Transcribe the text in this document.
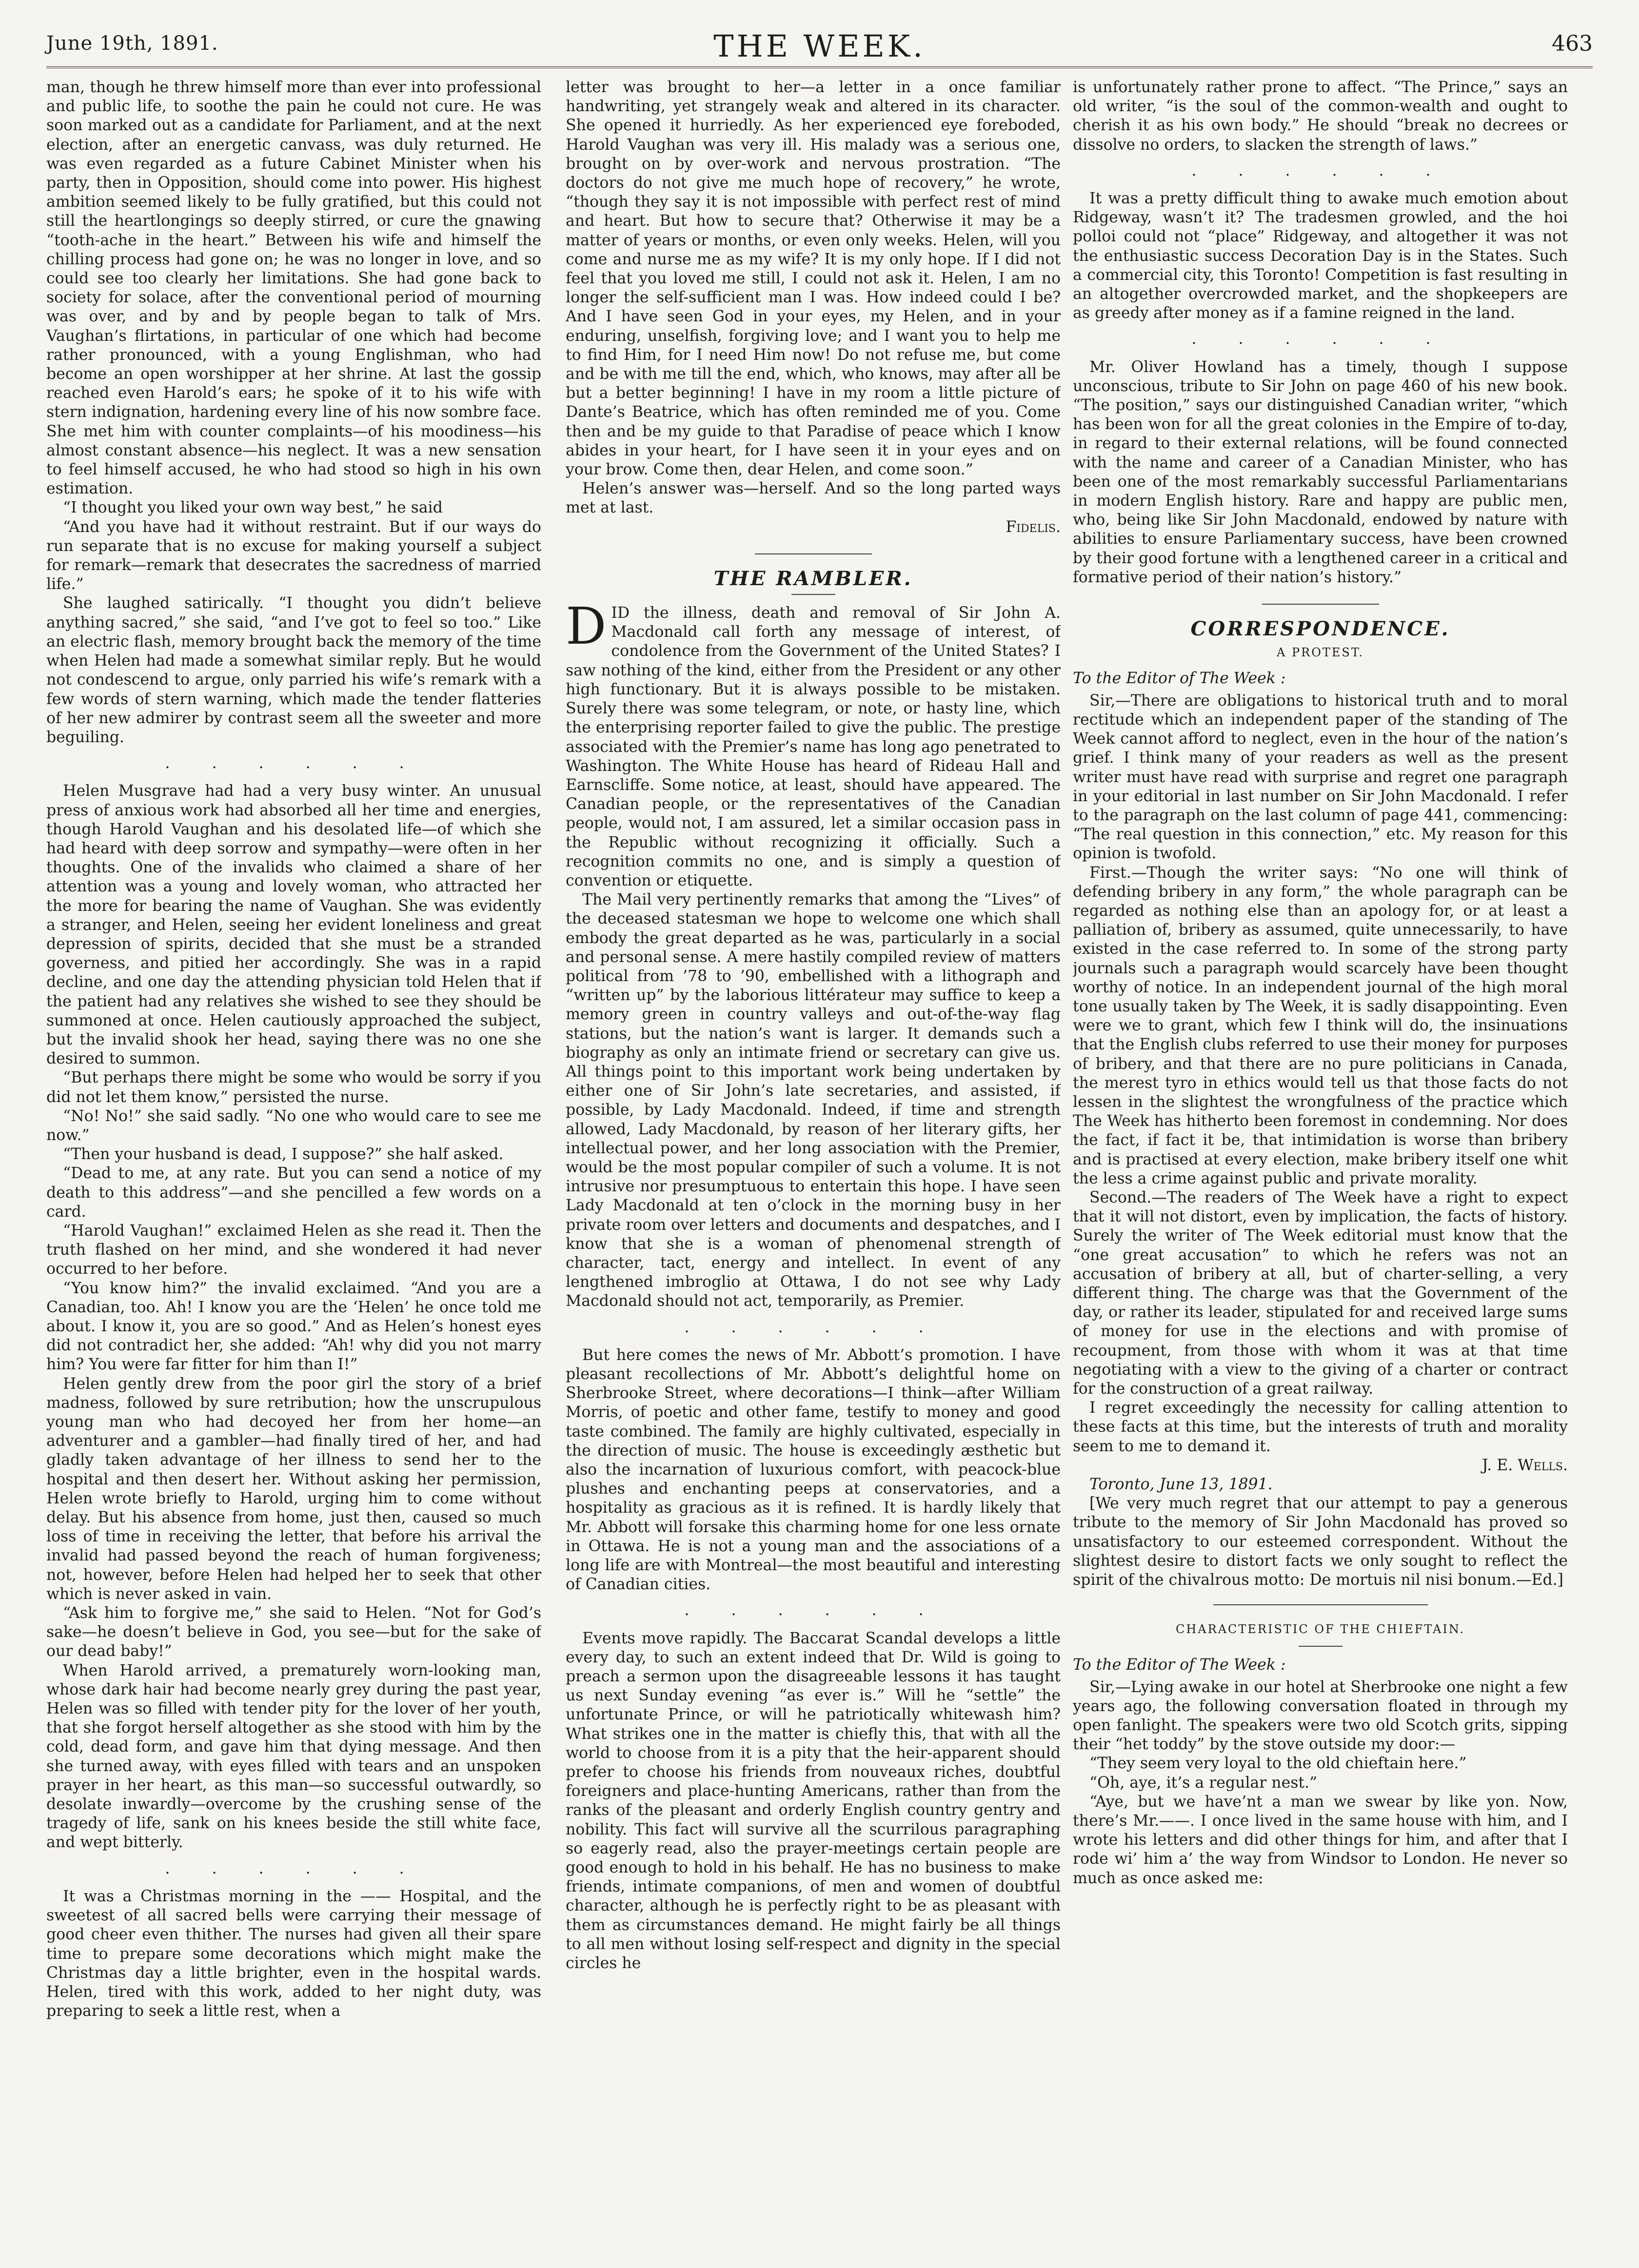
June 19th, 1891.	THE WEEK.	463

man, though he threw himself more than ever into professional and public life, to soothe the pain he could not cure. He was soon marked out as a candidate for Parliament, and at the next election, after an energetic canvass, was duly returned. He was even regarded as a future Cabinet Minister when his party, then in Opposition, should come into power. His highest ambition seemed likely to be fully gratified, but this could not still the heartlongings so deeply stirred, or cure the gnawing “tooth-ache in the heart.” Between his wife and himself the chilling process had gone on; he was no longer in love, and so could see too clearly her limitations. She had gone back to society for solace, after the conventional period of mourning was over, and by and by people began to talk of Mrs. Vaughan’s flirtations, in particular of one which had become rather pronounced, with a young Englishman, who had become an open worshipper at her shrine. At last the gossip reached even Harold’s ears; he spoke of it to his wife with stern indignation, hardening every line of his now sombre face. She met him with counter complaints—of his moodiness—his almost constant absence—his neglect. It was a new sensation to feel himself accused, he who had stood so high in his own estimation.

“I thought you liked your own way best,” he said

“And you have had it without restraint. But if our ways do run separate that is no excuse for making yourself a subject for remark—remark that desecrates the sacredness of married life.”

She laughed satirically. “I thought you didn’t believe anything sacred,” she said, “and I’ve got to feel so too.” Like an electric flash, memory brought back the memory of the time when Helen had made a somewhat similar reply. But he would not condescend to argue, only parried his wife’s remark with a few words of stern warning, which made the tender flatteries of her new admirer by contrast seem all the sweeter and more beguiling.

. . . . . .

Helen Musgrave had had a very busy winter. An unusual press of anxious work had absorbed all her time and energies, though Harold Vaughan and his desolated life—of which she had heard with deep sorrow and sympathy—were often in her thoughts. One of the invalids who claimed a share of her attention was a young and lovely woman, who attracted her the more for bearing the name of Vaughan. She was evidently a stranger, and Helen, seeing her evident loneliness and great depression of spirits, decided that she must be a stranded governess, and pitied her accordingly. She was in a rapid decline, and one day the attending physician told Helen that if the patient had any relatives she wished to see they should be summoned at once. Helen cautiously approached the subject, but the invalid shook her head, saying there was no one she desired to summon.

“But perhaps there might be some who would be sorry if you did not let them know,” persisted the nurse.

“No! No!” she said sadly. “No one who would care to see me now.”

“Then your husband is dead, I suppose?” she half asked.

“Dead to me, at any rate. But you can send a notice of my death to this address”—and she pencilled a few words on a card.

“Harold Vaughan!” exclaimed Helen as she read it. Then the truth flashed on her mind, and she wondered it had never occurred to her before.

“You know him?” the invalid exclaimed. “And you are a Canadian, too. Ah! I know you are the ‘Helen’ he once told me about. I know it, you are so good.” And as Helen’s honest eyes did not contradict her, she added: “Ah! why did you not marry him? You were far fitter for him than I!”

Helen gently drew from the poor girl the story of a brief madness, followed by sure retribution; how the unscrupulous young man who had decoyed her from her home—an adventurer and a gambler—had finally tired of her, and had gladly taken advantage of her illness to send her to the hospital and then desert her. Without asking her permission, Helen wrote briefly to Harold, urging him to come without delay. But his absence from home, just then, caused so much loss of time in receiving the letter, that before his arrival the invalid had passed beyond the reach of human forgiveness; not, however, before Helen had helped her to seek that other which is never asked in vain.

“Ask him to forgive me,” she said to Helen. “Not for God’s sake—he doesn’t believe in God, you see—but for the sake of our dead baby!”

When Harold arrived, a prematurely worn-looking man, whose dark hair had become nearly grey during the past year, Helen was so filled with tender pity for the lover of her youth, that she forgot herself altogether as she stood with him by the cold, dead form, and gave him that dying message. And then she turned away, with eyes filled with tears and an unspoken prayer in her heart, as this man—so successful outwardly, so desolate inwardly—overcome by the crushing sense of the tragedy of life, sank on his knees beside the still white face, and wept bitterly.

. . . . . .

It was a Christmas morning in the —— Hospital, and the sweetest of all sacred bells were carrying their message of good cheer even thither. The nurses had given all their spare time to prepare some decorations which might make the Christmas day a little brighter, even in the hospital wards. Helen, tired with this work, added to her night duty, was preparing to seek a little rest, when a

letter was brought to her—a letter in a once familiar handwriting, yet strangely weak and altered in its character. She opened it hurriedly. As her experienced eye foreboded, Harold Vaughan was very ill. His malady was a serious one, brought on by over-work and nervous prostration. “The doctors do not give me much hope of recovery,” he wrote, “though they say it is not impossible with perfect rest of mind and heart. But how to secure that? Otherwise it may be a matter of years or months, or even only weeks. Helen, will you come and nurse me as my wife? It is my only hope. If I did not feel that you loved me still, I could not ask it. Helen, I am no longer the self-sufficient man I was. How indeed could I be? And I have seen God in your eyes, my Helen, and in your enduring, unselfish, forgiving love; and I want you to help me to find Him, for I need Him now! Do not refuse me, but come and be with me till the end, which, who knows, may after all be but a better beginning! I have in my room a little picture of Dante’s Beatrice, which has often reminded me of you. Come then and be my guide to that Paradise of peace which I know abides in your heart, for I have seen it in your eyes and on your brow. Come then, dear Helen, and come soon.”

Helen’s answer was—herself. And so the long parted ways met at last.

Fidelis.
THE RAMBLER.

DID the illness, death and removal of Sir John A. Macdonald call forth any message of interest, of condolence from the Government of the United States? I saw nothing of the kind, either from the President or any other high functionary. But it is always possible to be mistaken. Surely there was some telegram, or note, or hasty line, which the enterprising reporter failed to give the public. The prestige associated with the Premier’s name has long ago penetrated to Washington. The White House has heard of Rideau Hall and Earnscliffe. Some notice, at least, should have appeared. The Canadian people, or the representatives of the Canadian people, would not, I am assured, let a similar occasion pass in the Republic without recognizing it officially. Such a recognition commits no one, and is simply a question of convention or etiquette.

The Mail very pertinently remarks that among the “Lives” of the deceased statesman we hope to welcome one which shall embody the great departed as he was, particularly in a social and personal sense. A mere hastily compiled review of matters political from ’78 to ’90, embellished with a lithograph and “written up” by the laborious littérateur may suffice to keep a memory green in country valleys and out-of-the-way flag stations, but the nation’s want is larger. It demands such a biography as only an intimate friend or secretary can give us. All things point to this important work being undertaken by either one of Sir John’s late secretaries, and assisted, if possible, by Lady Macdonald. Indeed, if time and strength allowed, Lady Macdonald, by reason of her literary gifts, her intellectual power, and her long association with the Premier, would be the most popular compiler of such a volume. It is not intrusive nor presumptuous to entertain this hope. I have seen Lady Macdonald at ten o’clock in the morning busy in her private room over letters and documents and despatches, and I know that she is a woman of phenomenal strength of character, tact, energy and intellect. In event of any lengthened imbroglio at Ottawa, I do not see why Lady Macdonald should not act, temporarily, as Premier.

. . . . . .

But here comes the news of Mr. Abbott’s promotion. I have pleasant recollections of Mr. Abbott’s delightful home on Sherbrooke Street, where decorations—I think—after William Morris, of poetic and other fame, testify to money and good taste combined. The family are highly cultivated, especially in the direction of music. The house is exceedingly æsthetic but also the incarnation of luxurious comfort, with peacock-blue plushes and enchanting peeps at conservatories, and a hospitality as gracious as it is refined. It is hardly likely that Mr. Abbott will forsake this charming home for one less ornate in Ottawa. He is not a young man and the associations of a long life are with Montreal—the most beautiful and interesting of Canadian cities.

. . . . . .

Events move rapidly. The Baccarat Scandal develops a little every day, to such an extent indeed that Dr. Wild is going to preach a sermon upon the disagreeable lessons it has taught us next Sunday evening “as ever is.” Will he “settle” the unfortunate Prince, or will he patriotically whitewash him? What strikes one in the matter is chiefly this, that with all the world to choose from it is a pity that the heir-apparent should prefer to choose his friends from nouveaux riches, doubtful foreigners and place-hunting Americans, rather than from the ranks of the pleasant and orderly English country gentry and nobility. This fact will survive all the scurrilous paragraphing so eagerly read, also the prayer-meetings certain people are good enough to hold in his behalf. He has no business to make friends, intimate companions, of men and women of doubtful character, although he is perfectly right to be as pleasant with them as circumstances demand. He might fairly be all things to all men without losing self-respect and dignity in the special circles he

is unfortunately rather prone to affect. “The Prince,” says an old writer, “is the soul of the common-wealth and ought to cherish it as his own body.” He should “break no decrees or dissolve no orders, to slacken the strength of laws.”

. . . . . .

It was a pretty difficult thing to awake much emotion about Ridgeway, wasn’t it? The tradesmen growled, and the hoi polloi could not “place” Ridgeway, and altogether it was not the enthusiastic success Decoration Day is in the States. Such a commercial city, this Toronto! Competition is fast resulting in an altogether overcrowded market, and the shopkeepers are as greedy after money as if a famine reigned in the land.

. . . . . .

Mr. Oliver Howland has a timely, though I suppose unconscious, tribute to Sir John on page 460 of his new book. “The position,” says our distinguished Canadian writer, “which has been won for all the great colonies in the Empire of to-day, in regard to their external relations, will be found connected with the name and career of a Canadian Minister, who has been one of the most remarkably successful Parliamentarians in modern English history. Rare and happy are public men, who, being like Sir John Macdonald, endowed by nature with abilities to ensure Parliamentary success, have been crowned by their good fortune with a lengthened career in a critical and formative period of their nation’s history.”

CORRESPONDENCE.
A PROTEST.
To the Editor of The Week :

Sir,—There are obligations to historical truth and to moral rectitude which an independent paper of the standing of The Week cannot afford to neglect, even in the hour of the nation’s grief. I think many of your readers as well as the present writer must have read with surprise and regret one paragraph in your editorial in last number on Sir John Macdonald. I refer to the paragraph on the last column of page 441, commencing: “The real question in this connection,” etc. My reason for this opinion is twofold.

First.—Though the writer says: “No one will think of defending bribery in any form,” the whole paragraph can be regarded as nothing else than an apology for, or at least a palliation of, bribery as assumed, quite unnecessarily, to have existed in the case referred to. In some of the strong party journals such a paragraph would scarcely have been thought worthy of notice. In an independent journal of the high moral tone usually taken by The Week, it is sadly disappointing. Even were we to grant, which few I think will do, the insinuations that the English clubs referred to use their money for purposes of bribery, and that there are no pure politicians in Canada, the merest tyro in ethics would tell us that those facts do not lessen in the slightest the wrongfulness of the practice which The Week has hitherto been foremost in condemning. Nor does the fact, if fact it be, that intimidation is worse than bribery and is practised at every election, make bribery itself one whit the less a crime against public and private morality.

Second.—The readers of The Week have a right to expect that it will not distort, even by implication, the facts of history. Surely the writer of The Week editorial must know that the “one great accusation” to which he refers was not an accusation of bribery at all, but of charter-selling, a very different thing. The charge was that the Government of the day, or rather its leader, stipulated for and received large sums of money for use in the elections and with promise of recoupment, from those with whom it was at that time negotiating with a view to the giving of a charter or contract for the construction of a great railway.

I regret exceedingly the necessity for calling attention to these facts at this time, but the interests of truth and morality seem to me to demand it.

J. E. Wells.

Toronto, June 13, 1891.

[We very much regret that our attempt to pay a generous tribute to the memory of Sir John Macdonald has proved so unsatisfactory to our esteemed correspondent. Without the slightest desire to distort facts we only sought to reflect the spirit of the chivalrous motto: De mortuis nil nisi bonum.—Ed.]

CHARACTERISTIC OF THE CHIEFTAIN.
To the Editor of The Week :

Sir,—Lying awake in our hotel at Sherbrooke one night a few years ago, the following conversation floated in through my open fanlight. The speakers were two old Scotch grits, sipping their “het toddy” by the stove outside my door:—

“They seem very loyal to the old chieftain here.”

“Oh, aye, it’s a regular nest.”

“Aye, but we have’nt a man we swear by like yon. Now, there’s Mr.——. I once lived in the same house with him, and I wrote his letters and did other things for him, and after that I rode wi’ him a’ the way from Windsor to London. He never so much as once asked me:
